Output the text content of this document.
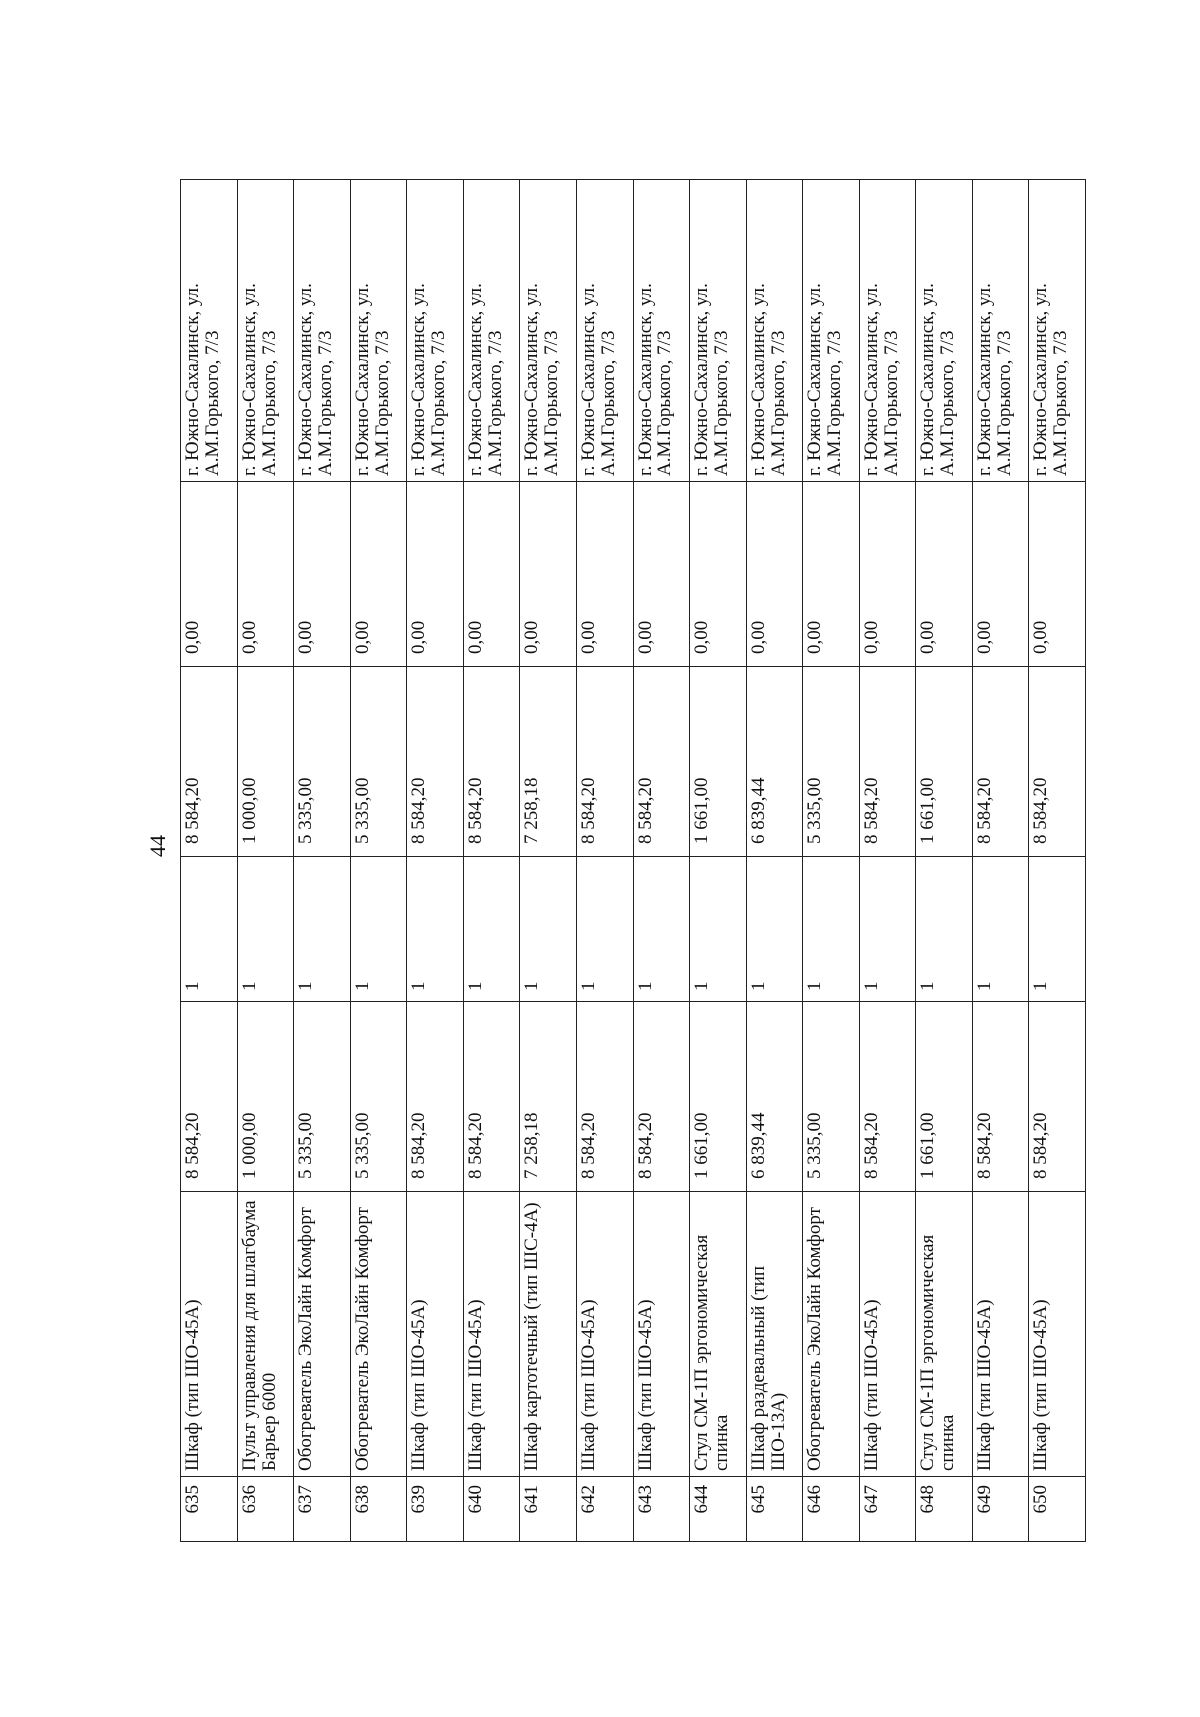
44
635	Шкаф (тип ШО-45А)	8 584,20	1	8 584,20	0,00	г. Южно-Сахалинск, ул. А.М.Горького, 7/3
636	Пульт управления для шлагбаума Барьер 6000	1 000,00	1	1 000,00	0,00	г. Южно-Сахалинск, ул. А.М.Горького, 7/3
637	Обогреватель ЭкоЛайн Комфорт	5 335,00	1	5 335,00	0,00	г. Южно-Сахалинск, ул. А.М.Горького, 7/3
638	Обогреватель ЭкоЛайн Комфорт	5 335,00	1	5 335,00	0,00	г. Южно-Сахалинск, ул. А.М.Горького, 7/3
639	Шкаф (тип ШО-45А)	8 584,20	1	8 584,20	0,00	г. Южно-Сахалинск, ул. А.М.Горького, 7/3
640	Шкаф (тип ШО-45А)	8 584,20	1	8 584,20	0,00	г. Южно-Сахалинск, ул. А.М.Горького, 7/3
641	Шкаф картотечный (тип ШС-4А)	7 258,18	1	7 258,18	0,00	г. Южно-Сахалинск, ул. А.М.Горького, 7/3
642	Шкаф (тип ШО-45А)	8 584,20	1	8 584,20	0,00	г. Южно-Сахалинск, ул. А.М.Горького, 7/3
643	Шкаф (тип ШО-45А)	8 584,20	1	8 584,20	0,00	г. Южно-Сахалинск, ул. А.М.Горького, 7/3
644	Стул СМ-1П эргономическая спинка	1 661,00	1	1 661,00	0,00	г. Южно-Сахалинск, ул. А.М.Горького, 7/3
645	Шкаф раздевальный (тип ШО-13А)	6 839,44	1	6 839,44	0,00	г. Южно-Сахалинск, ул. А.М.Горького, 7/3
646	Обогреватель ЭкоЛайн Комфорт	5 335,00	1	5 335,00	0,00	г. Южно-Сахалинск, ул. А.М.Горького, 7/3
647	Шкаф (тип ШО-45А)	8 584,20	1	8 584,20	0,00	г. Южно-Сахалинск, ул. А.М.Горького, 7/3
648	Стул СМ-1П эргономическая спинка	1 661,00	1	1 661,00	0,00	г. Южно-Сахалинск, ул. А.М.Горького, 7/3
649	Шкаф (тип ШО-45А)	8 584,20	1	8 584,20	0,00	г. Южно-Сахалинск, ул. А.М.Горького, 7/3
650	Шкаф (тип ШО-45А)	8 584,20	1	8 584,20	0,00	г. Южно-Сахалинск, ул. А.М.Горького, 7/3
